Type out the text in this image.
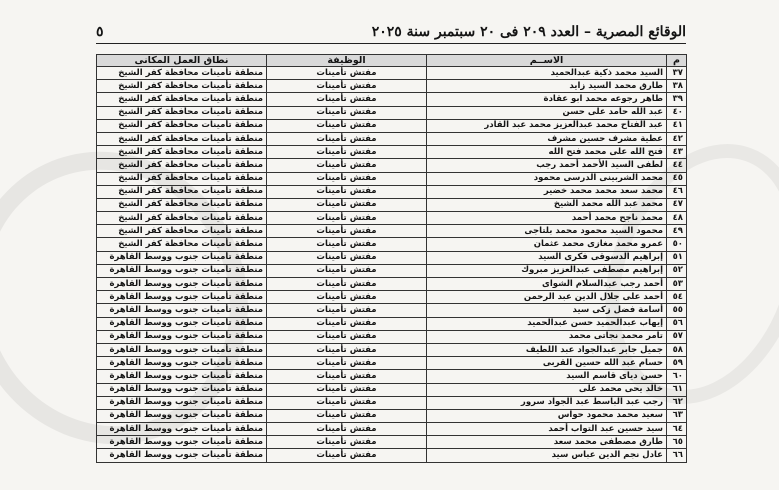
٥	الوقائع المصرية – العدد ٢٠٩ فى ٢٠ سبتمبر سنة ٢٠٢٥
م	الاســم	الوظيفة	نطاق العمل المكانى
٣٧	السيد محمد ذكية عبدالحميد	مفتش تأمينات	منطقة تأمينات محافظة كفر الشيخ
٣٨	طارق محمد السيد زايد	مفتش تأمينات	منطقة تأمينات محافظة كفر الشيخ
٣٩	طاهر رجوعه محمد ابو عقادة	مفتش تأمينات	منطقة تأمينات محافظة كفر الشيخ
٤٠	عبد الله حامد على حسن	مفتش تأمينات	منطقة تأمينات محافظة كفر الشيخ
٤١	عبد الفتاح محمد عبدالعزيز محمد عبد القادر	مفتش تأمينات	منطقة تأمينات محافظة كفر الشيخ
٤٢	عطية مشرف حسين مشرف	مفتش تأمينات	منطقة تأمينات محافظة كفر الشيخ
٤٣	فتح الله على محمد فتح الله	مفتش تأمينات	منطقة تأمينات محافظة كفر الشيخ
٤٤	لطفى السيد الأحمد أحمد رجب	مفتش تأمينات	منطقة تأمينات محافظة كفر الشيخ
٤٥	محمد الشربينى الدرسى محمود	مفتش تأمينات	منطقة تأمينات محافظة كفر الشيخ
٤٦	محمد سعد محمد محمد خضير	مفتش تأمينات	منطقة تأمينات محافظة كفر الشيخ
٤٧	محمد عبد الله محمد الشيخ	مفتش تأمينات	منطقة تأمينات محافظة كفر الشيخ
٤٨	محمد ناجح محمد أحمد	مفتش تأمينات	منطقة تأمينات محافظة كفر الشيخ
٤٩	محمود السيد محمود محمد بلتاجى	مفتش تأمينات	منطقة تأمينات محافظة كفر الشيخ
٥٠	عمرو محمد مغازى محمد عثمان	مفتش تأمينات	منطقة تأمينات محافظة كفر الشيخ
٥١	إبراهيم الدسوقى فكرى السيد	مفتش تأمينات	منطقة تأمينات جنوب ووسط القاهرة
٥٢	إبراهيم مصطفى عبدالعزيز مبروك	مفتش تأمينات	منطقة تأمينات جنوب ووسط القاهرة
٥٣	أحمد رجب عبدالسلام الشواى	مفتش تأمينات	منطقة تأمينات جنوب ووسط القاهرة
٥٤	أحمد على جلال الدين عبد الرحمن	مفتش تأمينات	منطقة تأمينات جنوب ووسط القاهرة
٥٥	أسامة فضل زكى سيد	مفتش تأمينات	منطقة تأمينات جنوب ووسط القاهرة
٥٦	إيهاب عبدالحميد حسن عبدالحميد	مفتش تأمينات	منطقة تأمينات جنوب ووسط القاهرة
٥٧	تامر محمد نجاتى محمد	مفتش تأمينات	منطقة تأمينات جنوب ووسط القاهرة
٥٨	جميل جابر عبدالجواد عبد اللطيف	مفتش تأمينات	منطقة تأمينات جنوب ووسط القاهرة
٥٩	حسام عبد الله حسين القربى	مفتش تأمينات	منطقة تأمينات جنوب ووسط القاهرة
٦٠	حسن دياى قاسم السيد	مفتش تأمينات	منطقة تأمينات جنوب ووسط القاهرة
٦١	خالد يحى محمد على	مفتش تأمينات	منطقة تأمينات جنوب ووسط القاهرة
٦٢	رجب عبد الباسط عبد الجواد سرور	مفتش تأمينات	منطقة تأمينات جنوب ووسط القاهرة
٦٣	سعيد محمد محمود حواس	مفتش تأمينات	منطقة تأمينات جنوب ووسط القاهرة
٦٤	سيد حسين عبد التواب أحمد	مفتش تأمينات	منطقة تأمينات جنوب ووسط القاهرة
٦٥	طارق مصطفى محمد سعد	مفتش تأمينات	منطقة تأمينات جنوب ووسط القاهرة
٦٦	عادل نجم الدين عباس سيد	مفتش تأمينات	منطقة تأمينات جنوب ووسط القاهرة
